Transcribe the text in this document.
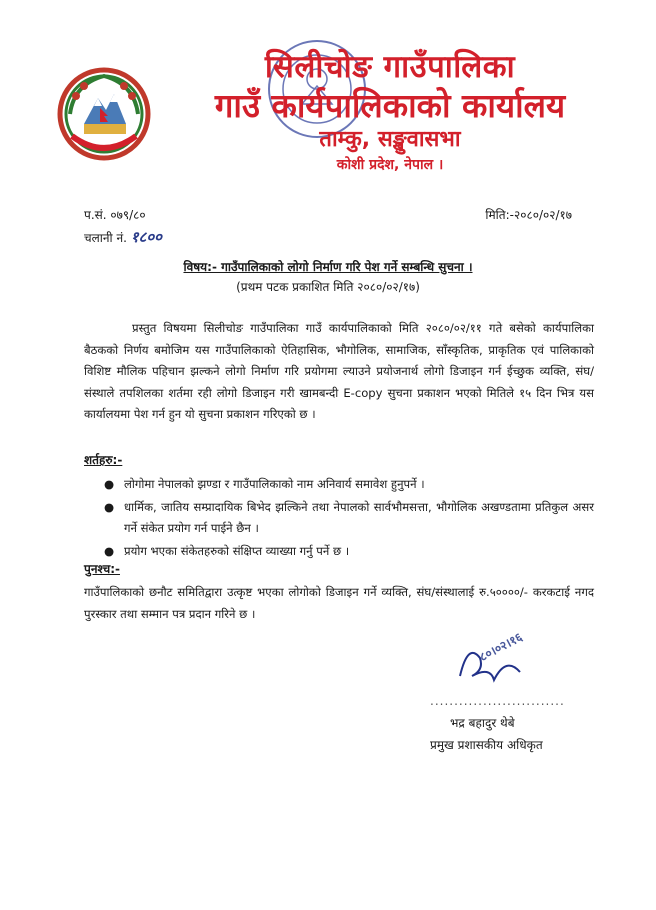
सिलीचोङ गाउँपालिका
गाउँ कार्यपालिकाको कार्यालय
ताम्कु, सङ्खुवासभा
कोशी प्रदेश, नेपाल ।
प.सं. ०७९/८०
चलानी नं. १८००
मिति:-२०८०/०२/१७
विषय:- गाउँपालिकाको लोगो निर्माण गरि पेश गर्ने सम्बन्धि सुचना ।
(प्रथम पटक प्रकाशित मिति २०८०/०२/१७)
प्रस्तुत विषयमा सिलीचोङ गाउँपालिका गाउँ कार्यपालिकाको मिति २०८०/०२/११ गते बसेको कार्यपालिका बैठकको निर्णय बमोजिम यस गाउँपालिकाको ऐतिहासिक, भौगोलिक, सामाजिक, साँस्कृतिक, प्राकृतिक एवं पालिकाको विशिष्ट मौलिक पहिचान झल्कने लोगो निर्माण गरि प्रयोगमा ल्याउने प्रयोजनार्थ लोगो डिजाइन गर्न ईच्छुक व्यक्ति, संघ/संस्थाले तपशिलका शर्तमा रही लोगो डिजाइन गरी खामबन्दी E-copy सुचना प्रकाशन भएको मितिले १५ दिन भित्र यस कार्यालयमा पेश गर्न हुन यो सुचना प्रकाशन गरिएको छ ।
शर्तहरु:-
● लोगोमा नेपालको झण्डा र गाउँपालिकाको नाम अनिवार्य समावेश हुनुपर्ने ।
● धार्मिक, जातिय सम्प्रादायिक बिभेद झल्किने तथा नेपालको सार्वभौमसत्ता, भौगोलिक अखण्डतामा प्रतिकुल असर गर्ने संकेत प्रयोग गर्न पाईने छैन ।
● प्रयोग भएका संकेतहरुको संक्षिप्त व्याख्या गर्नु पर्ने छ ।
पुनश्च:-
गाउँपालिकाको छनौट समितिद्वारा उत्कृष्ट भएका लोगोको डिजाइन गर्ने व्यक्ति, संघ/संस्थालाई रु.५००००/- करकटाई नगद पुरस्कार तथा सम्मान पत्र प्रदान गरिने छ ।
८०।०२।१६
............................
भद्र बहादुर थेबे
प्रमुख प्रशासकीय अधिकृत
